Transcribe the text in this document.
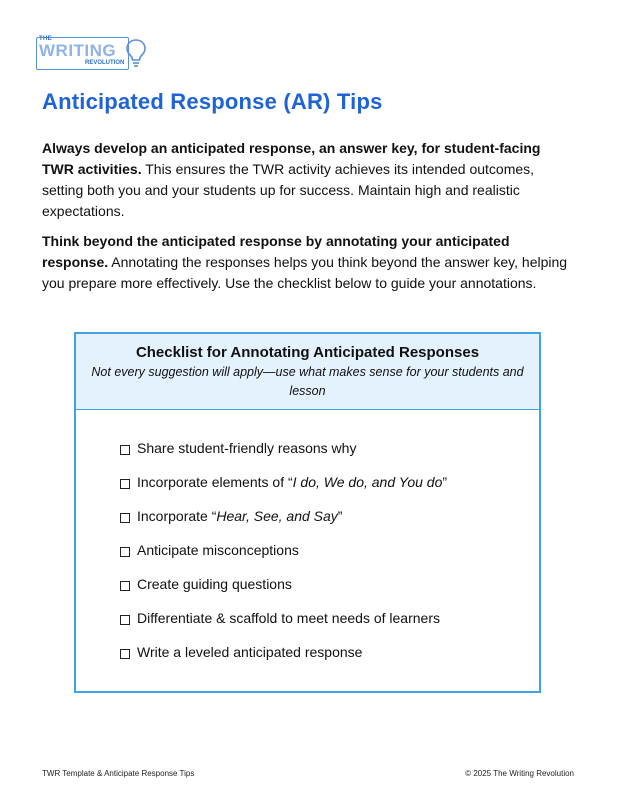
THE
WRITING
REVOLUTION
Anticipated Response (AR) Tips

Always develop an anticipated response, an answer key, for student-facing TWR activities. This ensures the TWR activity achieves its intended outcomes, setting both you and your students up for success. Maintain high and realistic expectations.

Think beyond the anticipated response by annotating your anticipated response. Annotating the responses helps you think beyond the answer key, helping you prepare more effectively. Use the checklist below to guide your annotations.

Checklist for Annotating Anticipated Responses
Not every suggestion will apply—use what makes sense for your students and lesson
Share student-friendly reasons why
Incorporate elements of “I do, We do, and You do”
Incorporate “Hear, See, and Say”
Anticipate misconceptions
Create guiding questions
Differentiate & scaffold to meet needs of learners
Write a leveled anticipated response
TWR Template & Anticipate Response Tips	© 2025 The Writing Revolution
